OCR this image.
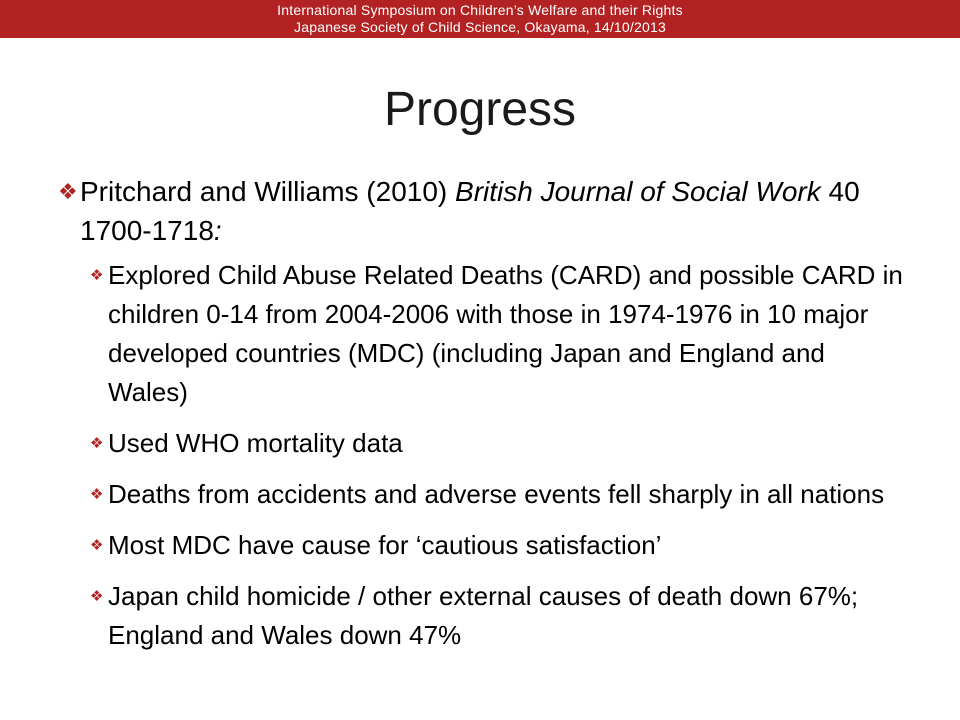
International Symposium on Children’s Welfare and their Rights
Japanese Society of Child Science, Okayama, 14/10/2013
Progress
❖ Pritchard and Williams (2010) British Journal of Social Work 40 1700-1718:
❖ Explored Child Abuse Related Deaths (CARD) and possible CARD in children 0-14 from 2004-2006 with those in 1974-1976 in 10 major developed countries (MDC) (including Japan and England and Wales)
❖ Used WHO mortality data
❖ Deaths from accidents and adverse events fell sharply in all nations
❖ Most MDC have cause for ‘cautious satisfaction’
❖ Japan child homicide / other external causes of death down 67%; England and Wales down 47%
